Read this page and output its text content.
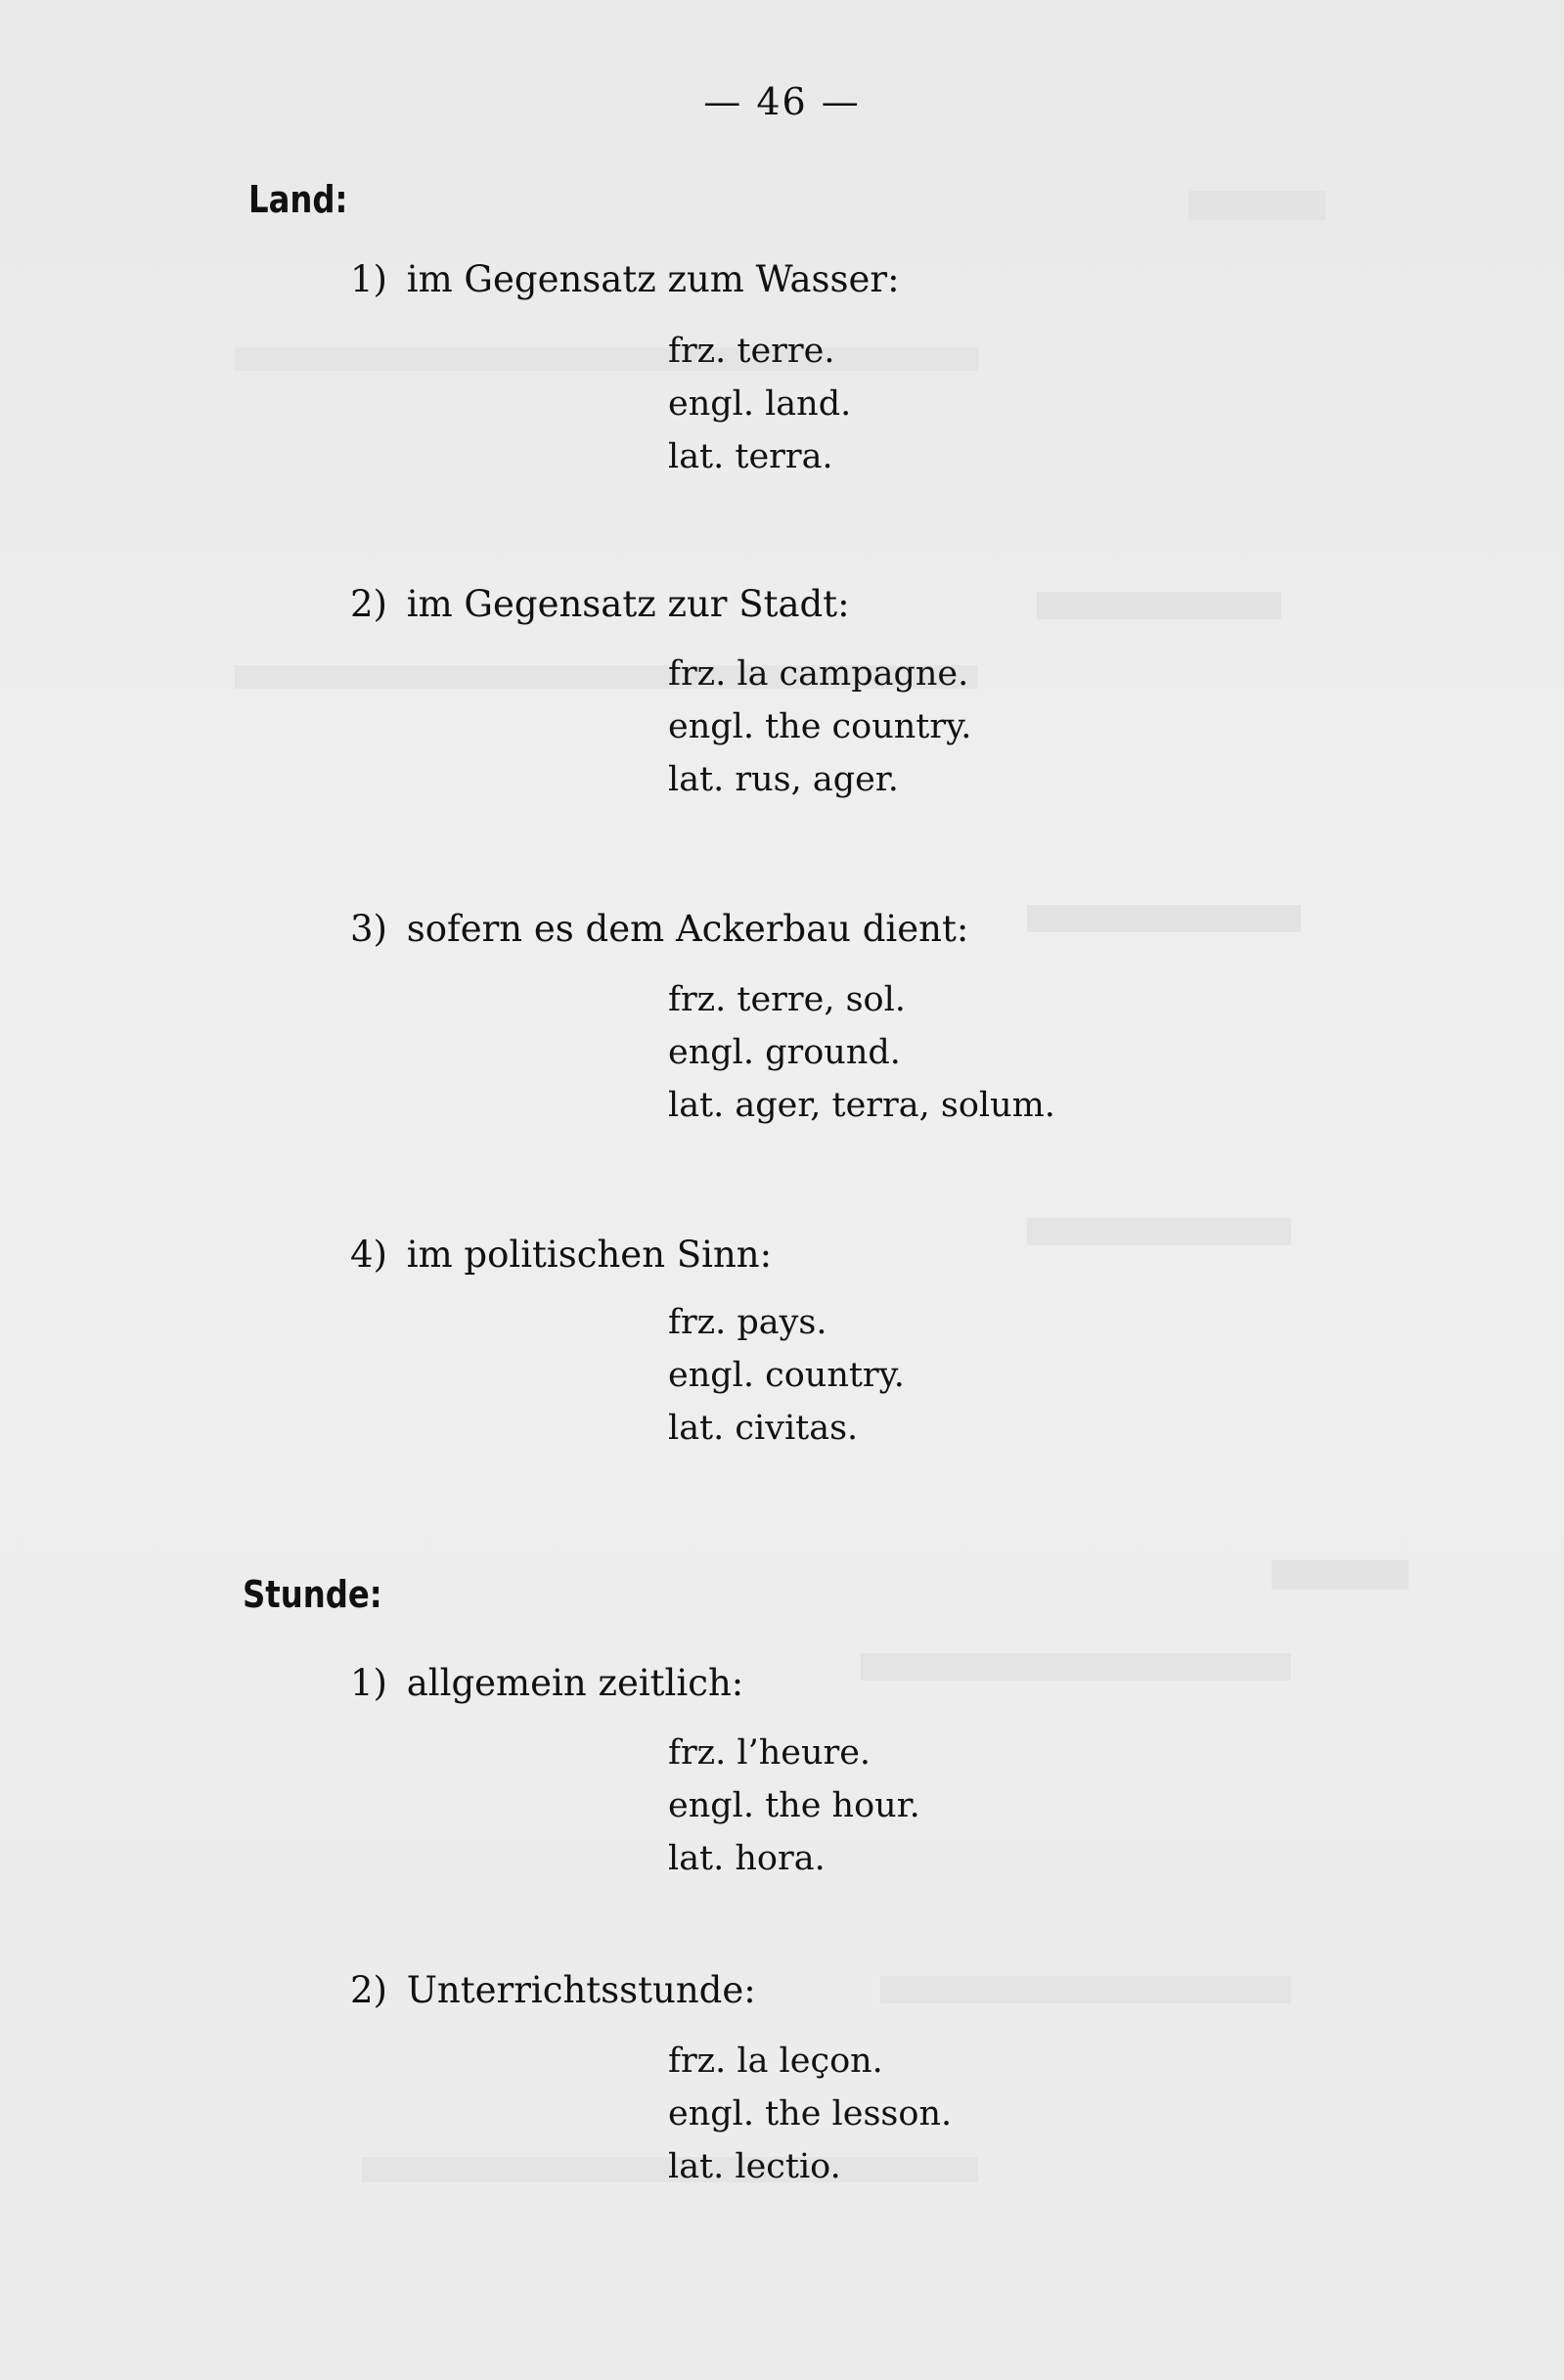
— 46 —
Land:
1) im Gegensatz zum Wasser:
frz. terre.
engl. land.
lat. terra.
2) im Gegensatz zur Stadt:
frz. la campagne.
engl. the country.
lat. rus, ager.
3) sofern es dem Ackerbau dient:
frz. terre, sol.
engl. ground.
lat. ager, terra, solum.
4) im politischen Sinn:
frz. pays.
engl. country.
lat. civitas.
Stunde:
1) allgemein zeitlich:
frz. l’heure.
engl. the hour.
lat. hora.
2) Unterrichtsstunde:
frz. la leçon.
engl. the lesson.
lat. lectio.
